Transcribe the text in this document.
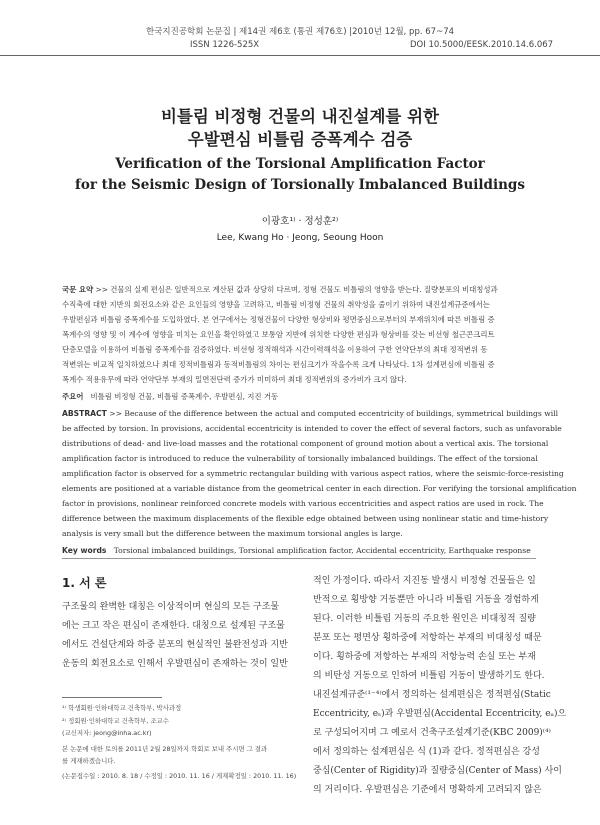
한국지진공학회 논문집 | 제14권 제6호 (통권 제76호) |2010년 12월, pp. 67~74
ISSN 1226-525X	DOI 10.5000/EESK.2010.14.6.067
비틀림 비정형 건물의 내진설계를 위한
우발편심 비틀림 증폭계수 검증
Verification of the Torsional Amplification Factor
for the Seismic Design of Torsionally Imbalanced Buildings
이광호¹⁾ · 정성훈²⁾
Lee, Kwang Ho · Jeong, Seoung Hoon
국문 요약 >> 건물의 실제 편심은 일반적으로 계산된 값과 상당히 다르며, 정형 건물도 비틀림의 영향을 받는다. 질량분포의 비대칭성과
수직축에 대한 지반의 회전요소와 같은 요인들의 영향을 고려하고, 비틀림 비정형 건물의 취약성을 줄이기 위하여 내진설계규준에서는
우발편심과 비틀림 증폭계수를 도입하였다. 본 연구에서는 정형건물이 다양한 형상비와 평면중심으로부터의 부재위치에 따른 비틀림 증
폭계수의 영향 및 이 계수에 영향을 미치는 요인을 확인하였고 보통암 지반에 위치한 다양한 편심과 형상비를 갖는 비선형 철근콘크리트
단층모델을 이용하여 비틀림 증폭계수를 검증하였다. 비선형 정적해석과 시간이력해석을 이용하여 구한 연약단부의 최대 정적변위 동
적변위는 비교적 일치하였으나 최대 정적비틀림과 동적비틀림의 차이는 편심크기가 작을수록 크게 나타났다. 1차 설계편심에 비틀림 증
폭계수 적용유무에 따라 연약단부 부재의 밀면전단력 증가가 미미하여 최대 정적변위의 증가비가 크지 않다.
주요어 비틀림 비정형 건물, 비틀림 증폭계수, 우발편심, 지진 거동
ABSTRACT >> Because of the difference between the actual and computed eccentricity of buildings, symmetrical buildings will
be affected by torsion. In provisions, accidental eccentricity is intended to cover the effect of several factors, such as unfavorable
distributions of dead- and live-load masses and the rotational component of ground motion about a vertical axis. The torsional
amplification factor is introduced to reduce the vulnerability of torsionally imbalanced buildings. The effect of the torsional
amplification factor is observed for a symmetric rectangular building with various aspect ratios, where the seismic-force-resisting
elements are positioned at a variable distance from the geometrical center in each direction. For verifying the torsional amplification
factor in provisions, nonlinear reinforced concrete models with various eccentricities and aspect ratios are used in rock. The
difference between the maximum displacements of the flexible edge obtained between using nonlinear static and time-history
analysis is very small but the difference between the maximum torsional angles is large.
Key words Torsional imbalanced buildings, Torsional amplification factor, Accidental eccentricity, Earthquake response
1. 서 론
구조물의 완벽한 대칭은 이상적이며 현실의 모든 구조물
에는 크고 작은 편심이 존재한다. 대칭으로 설계된 구조물
에서도 건설단계와 하중 분포의 현실적인 불완전성과 지반
운동의 회전요소로 인해서 우발편심이 존재하는 것이 일반
적인 가정이다. 따라서 지진동 발생시 비정형 건물들은 일
반적으로 횡방향 거동뿐만 아니라 비틀림 거동을 경험하게
된다. 이러한 비틀림 거동의 주요한 원인은 비대칭적 질량
분포 또는 평면상 횡하중에 저항하는 부재의 비대칭성 때문
이다. 횡하중에 저항하는 부재의 저항능력 손실 또는 부재
의 비탄성 거동으로 인하여 비틀림 거동이 발생하기도 한다.
내진설계규준⁽¹⁻⁴⁾에서 정의하는 설계편심은 정적편심(Static
Eccentricity, eₛ)과 우발편심(Accidental Eccentricity, eₐ)으
로 구성되어지며 그 예로서 건축구조설계기준(KBC 2009)⁽⁴⁾
에서 정의하는 설계편심은 식 (1)과 같다. 정적편심은 강성
중심(Center of Rigidity)과 질량중심(Center of Mass) 사이
의 거리이다. 우발편심은 기준에서 명확하게 고려되지 않은
¹⁾ 학생회원·인하대학교 건축학부, 박사과정
²⁾ 정회원·인하대학교 건축학부, 조교수
(교신저자: jeong@inha.ac.kr)
본 논문에 대한 토의를 2011년 2월 28일까지 학회로 보내 주시면 그 결과
를 게재하겠습니다.
(논문접수일 : 2010. 8. 18 / 수정일 : 2010. 11. 16 / 게재확정일 : 2010. 11. 16)
